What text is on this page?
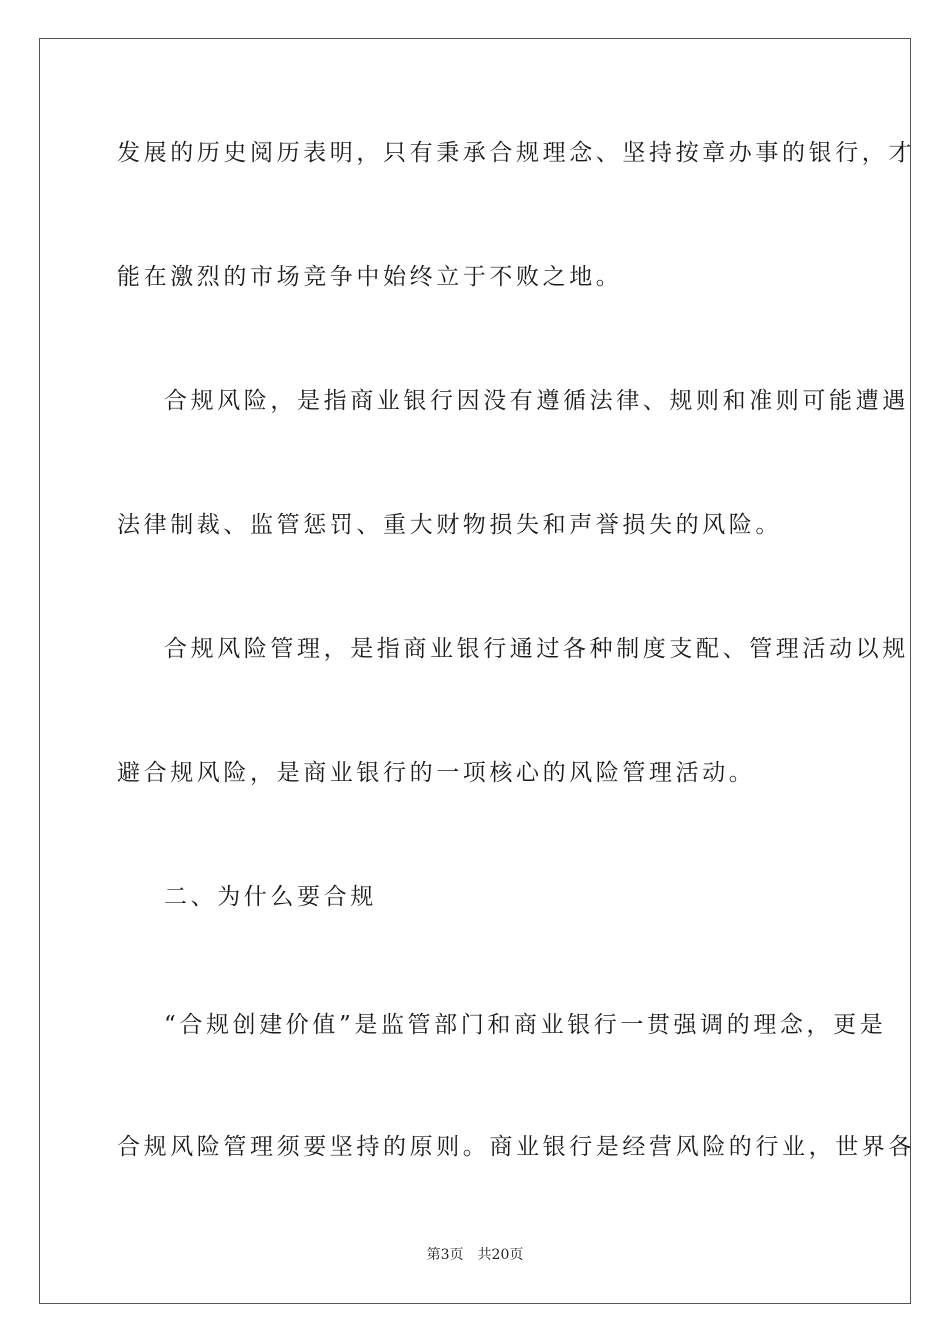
发展的历史阅历表明，只有秉承合规理念、坚持按章办事的银行，才
能在激烈的市场竞争中始终立于不败之地。
合规风险，是指商业银行因没有遵循法律、规则和准则可能遭遇
法律制裁、监管惩罚、重大财物损失和声誉损失的风险。
合规风险管理，是指商业银行通过各种制度支配、管理活动以规
避合规风险，是商业银行的一项核心的风险管理活动。
二、为什么要合规
“合规创建价值”是监管部门和商业银行一贯强调的理念，更是
合规风险管理须要坚持的原则。商业银行是经营风险的行业，世界各
第3页 共20页
